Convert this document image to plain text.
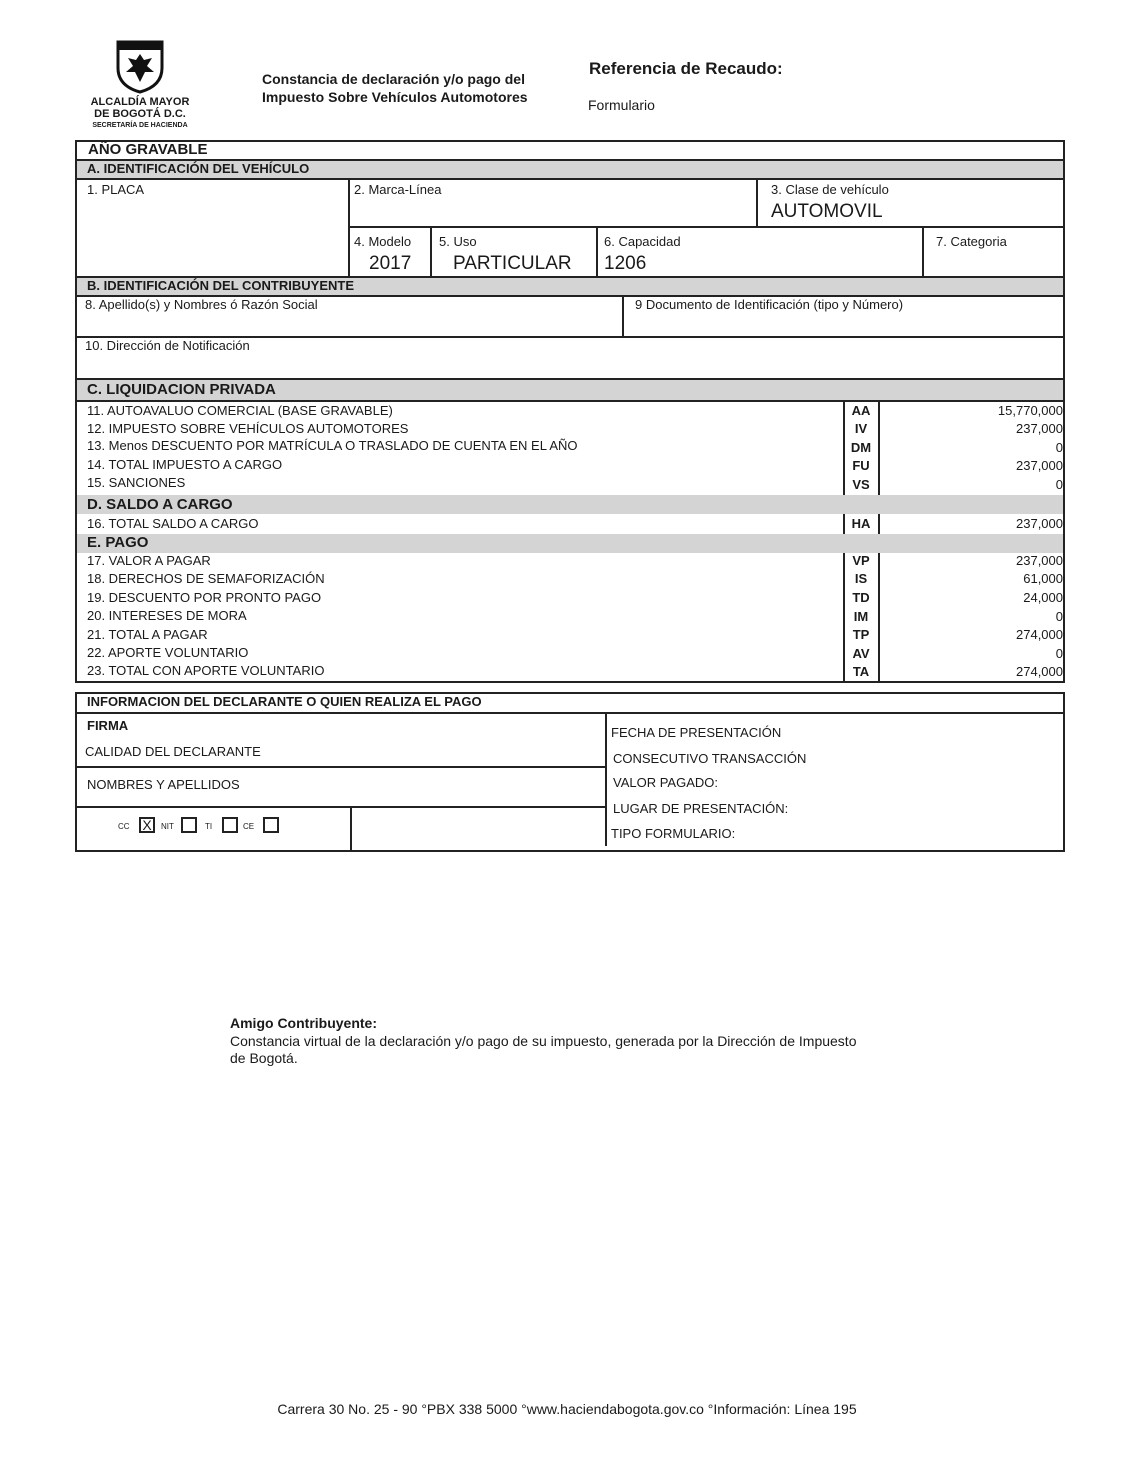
ALCALDÍA MAYOR
DE BOGOTÁ D.C.
SECRETARÍA DE HACIENDA
Constancia de declaración y/o pago del
Impuesto Sobre Vehículos Automotores
Referencia de Recaudo:
Formulario
AÑO GRAVABLE
A. IDENTIFICACIÓN DEL VEHÍCULO
1. PLACA	2. Marca-Línea	3. Clase de vehículo
AUTOMOVIL
4. Modelo
2017
5. Uso
PARTICULAR
6. Capacidad
1206
7. Categoria
B. IDENTIFICACIÓN DEL CONTRIBUYENTE
8. Apellido(s) y Nombres ó Razón Social	9 Documento de Identificación (tipo y Número)
10. Dirección de Notificación
C. LIQUIDACION PRIVADA
11. AUTOAVALUO COMERCIAL (BASE GRAVABLE)	AA	15,770,000
12. IMPUESTO SOBRE VEHÍCULOS AUTOMOTORES	IV	237,000
13. Menos DESCUENTO POR MATRÍCULA O TRASLADO DE CUENTA EN EL AÑO	DM	0
14. TOTAL IMPUESTO A CARGO	FU	237,000
15. SANCIONES	VS	0
D. SALDO A CARGO
16. TOTAL SALDO A CARGO	HA	237,000
E. PAGO
17. VALOR A PAGAR	VP	237,000
18. DERECHOS DE SEMAFORIZACIÓN	IS	61,000
19. DESCUENTO POR PRONTO PAGO	TD	24,000
20. INTERESES DE MORA	IM	0
21. TOTAL A PAGAR	TP	274,000
22. APORTE VOLUNTARIO	AV	0
23. TOTAL CON APORTE VOLUNTARIO	TA	274,000
INFORMACION DEL DECLARANTE O QUIEN REALIZA EL PAGO
FIRMA
CALIDAD DEL DECLARANTE
NOMBRES Y APELLIDOS
CC X NIT	TI	CE
FECHA DE PRESENTACIÓN
CONSECUTIVO TRANSACCIÓN
VALOR PAGADO:
LUGAR DE PRESENTACIÓN:
TIPO FORMULARIO:
Amigo Contribuyente:
Constancia virtual de la declaración y/o pago de su impuesto, generada por la Dirección de Impuesto
de Bogotá.
Carrera 30 No. 25 - 90 °PBX 338 5000 °www.haciendabogota.gov.co °Información: Línea 195
